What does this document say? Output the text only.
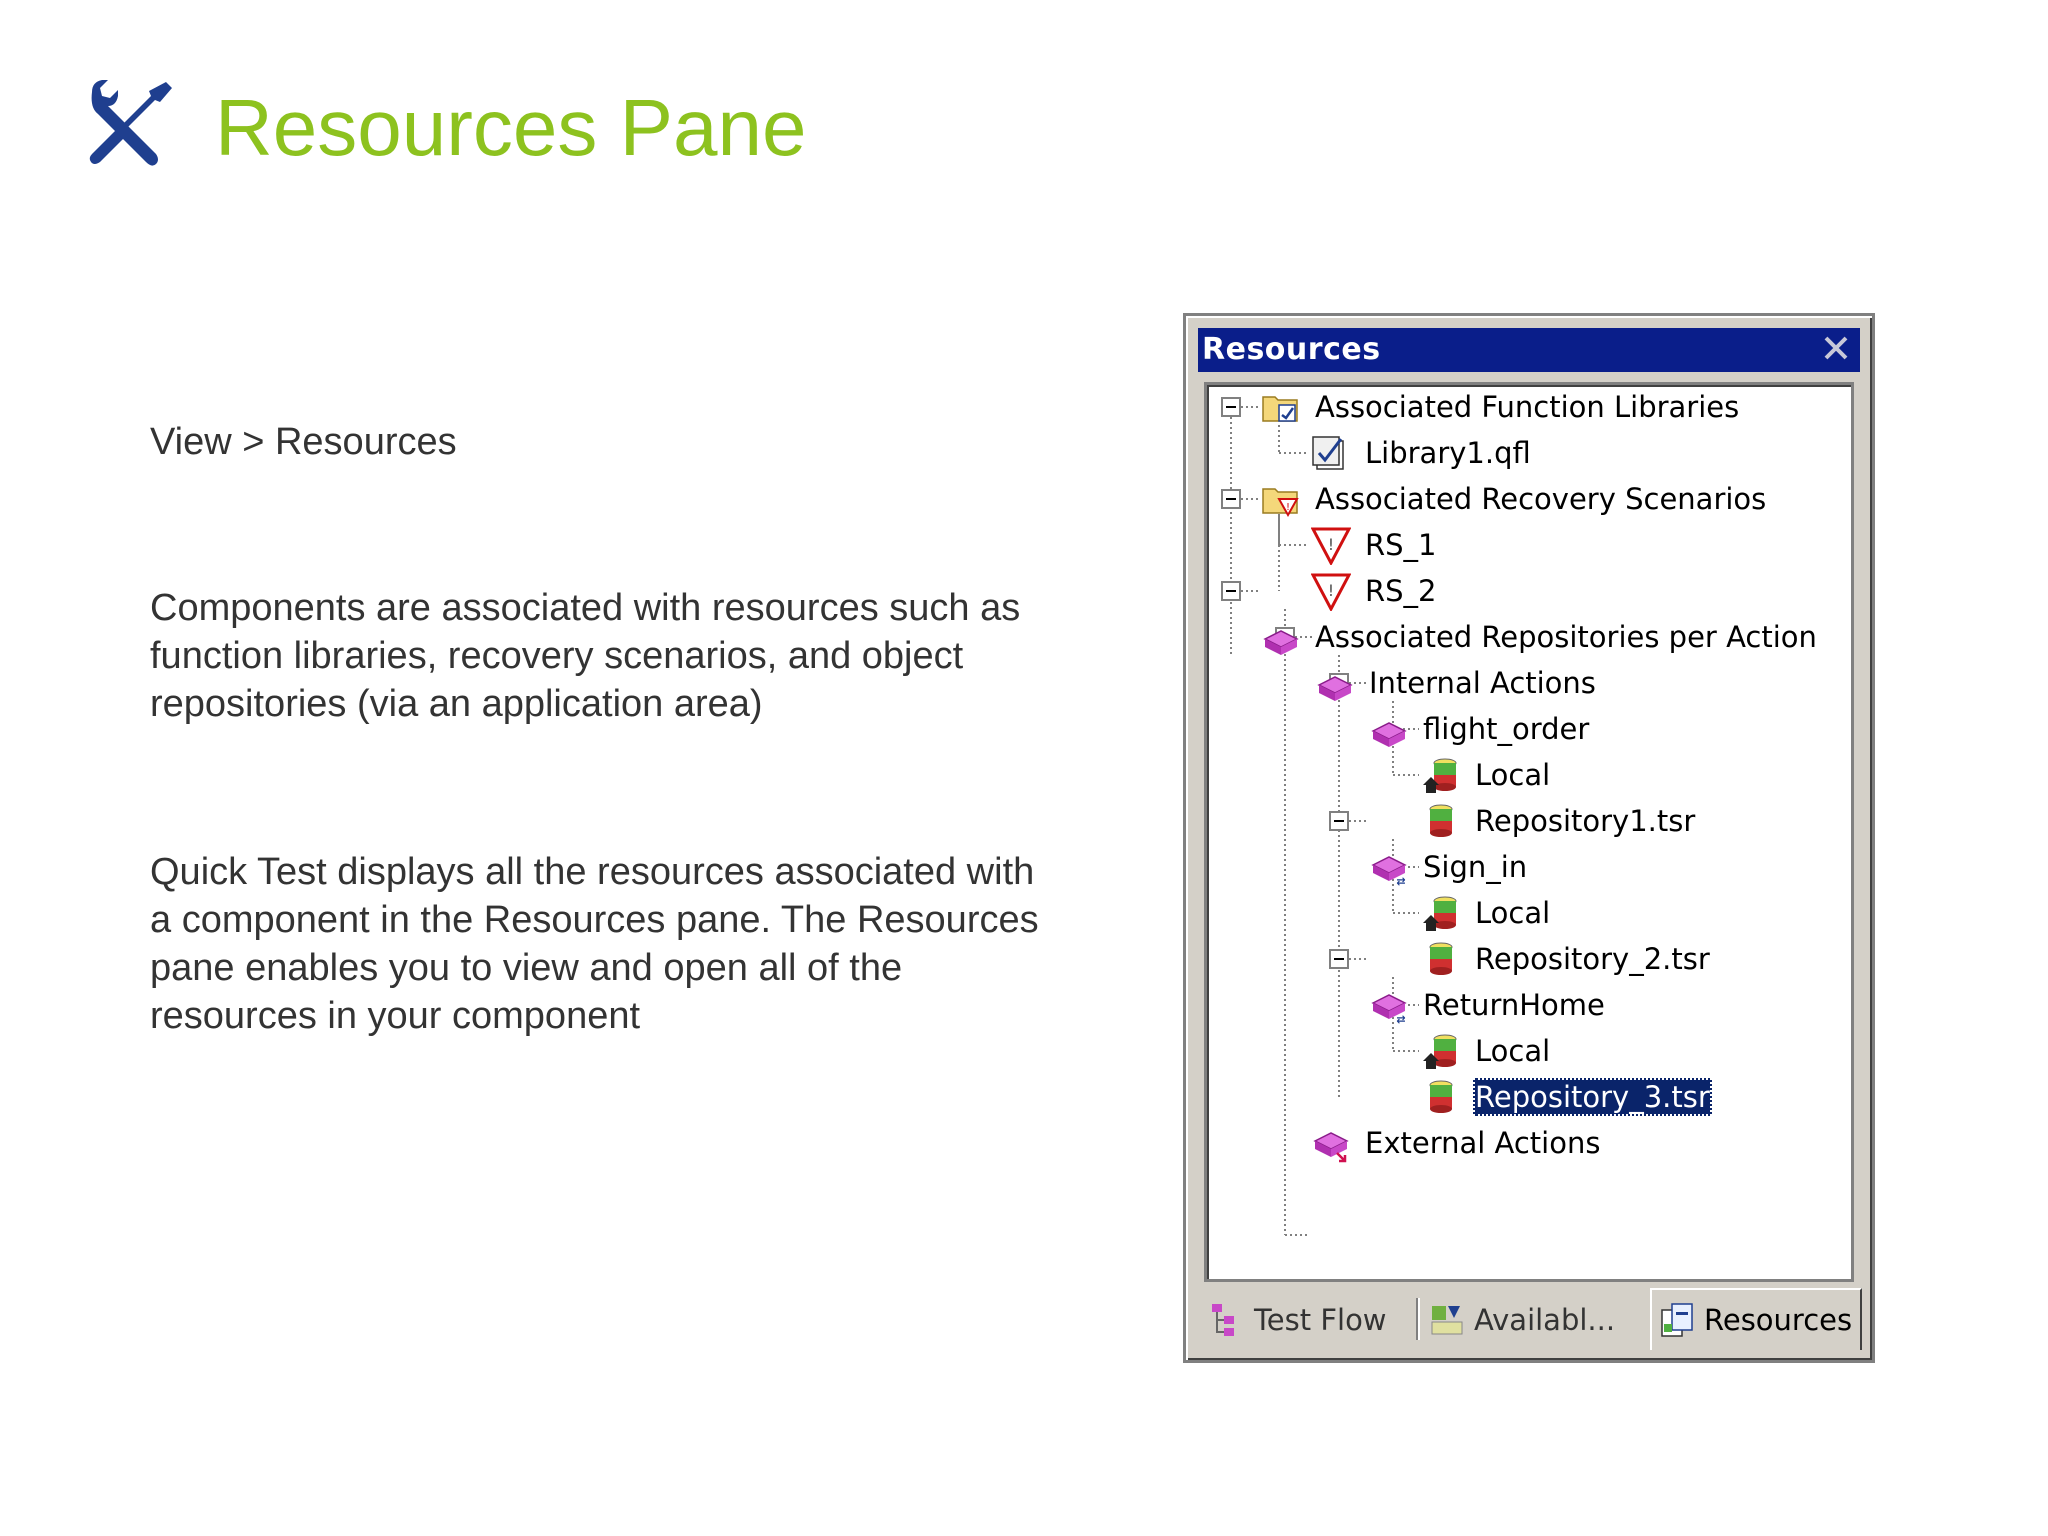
Resources Pane
View > Resources
Components are associated with resources such as
function libraries, recovery scenarios, and object
repositories (via an application area)
Quick Test displays all the resources associated with
a component in the Resources pane. The Resources
pane enables you to view and open all of the
resources in your component
Resources
Associated Function Libraries
Library1.qfl
! Associated Recovery Scenarios
! RS_1
! RS_2
Associated Repositories per Action
Internal Actions
flight_order
Local
Repository1.tsr
⇄ Sign_in
Local
Repository_2.tsr
⇄ ReturnHome
Local
Repository_3.tsr
External Actions
Test Flow	Availabl...	Resources
